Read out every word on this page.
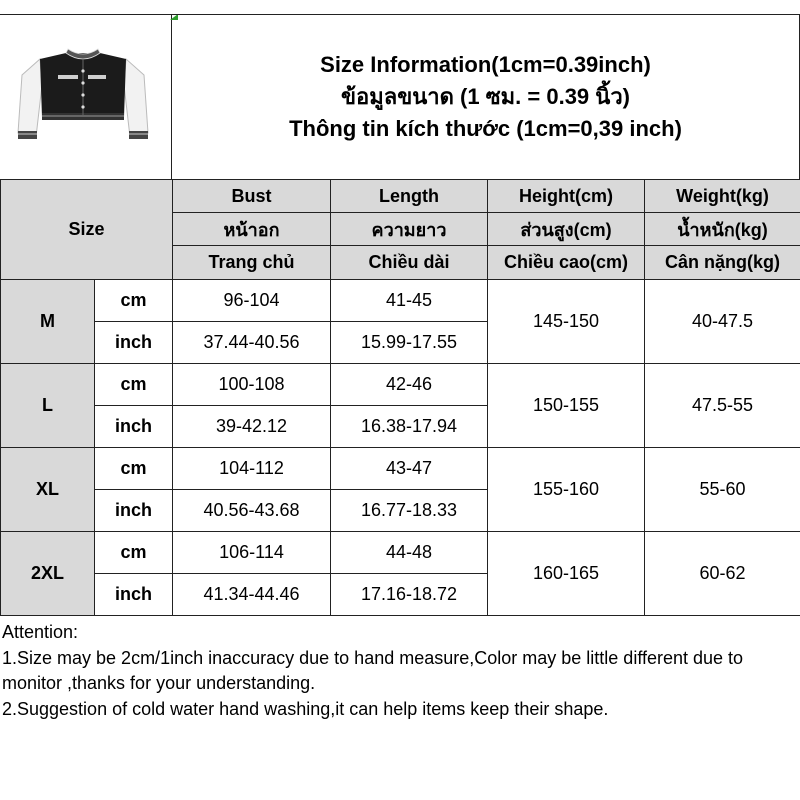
Size Information(1cm=0.39inch)
ข้อมูลขนาด (1 ซม. = 0.39 นิ้ว)
Thông tin kích thước (1cm=0,39 inch)
Size		Bust	Length	Height(cm)	Weight(kg)
		หน้าอก	ความยาว	ส่วนสูง(cm)	น้ำหนัก(kg)
		Trang chủ	Chiều dài	Chiều cao(cm)	Cân nặng(kg)
M	cm	96-104	41-45	145-150	40-47.5
	inch	37.44-40.56	15.99-17.55		
L	cm	100-108	42-46	150-155	47.5-55
	inch	39-42.12	16.38-17.94		
XL	cm	104-112	43-47	155-160	55-60
	inch	40.56-43.68	16.77-18.33		
2XL	cm	106-114	44-48	160-165	60-62
	inch	41.34-44.46	17.16-18.72		
Attention:
1.Size may be 2cm/1inch inaccuracy due to hand measure,Color may be little different due to monitor ,thanks for your understanding.
2.Suggestion of cold water hand washing,it can help items keep their shape.
